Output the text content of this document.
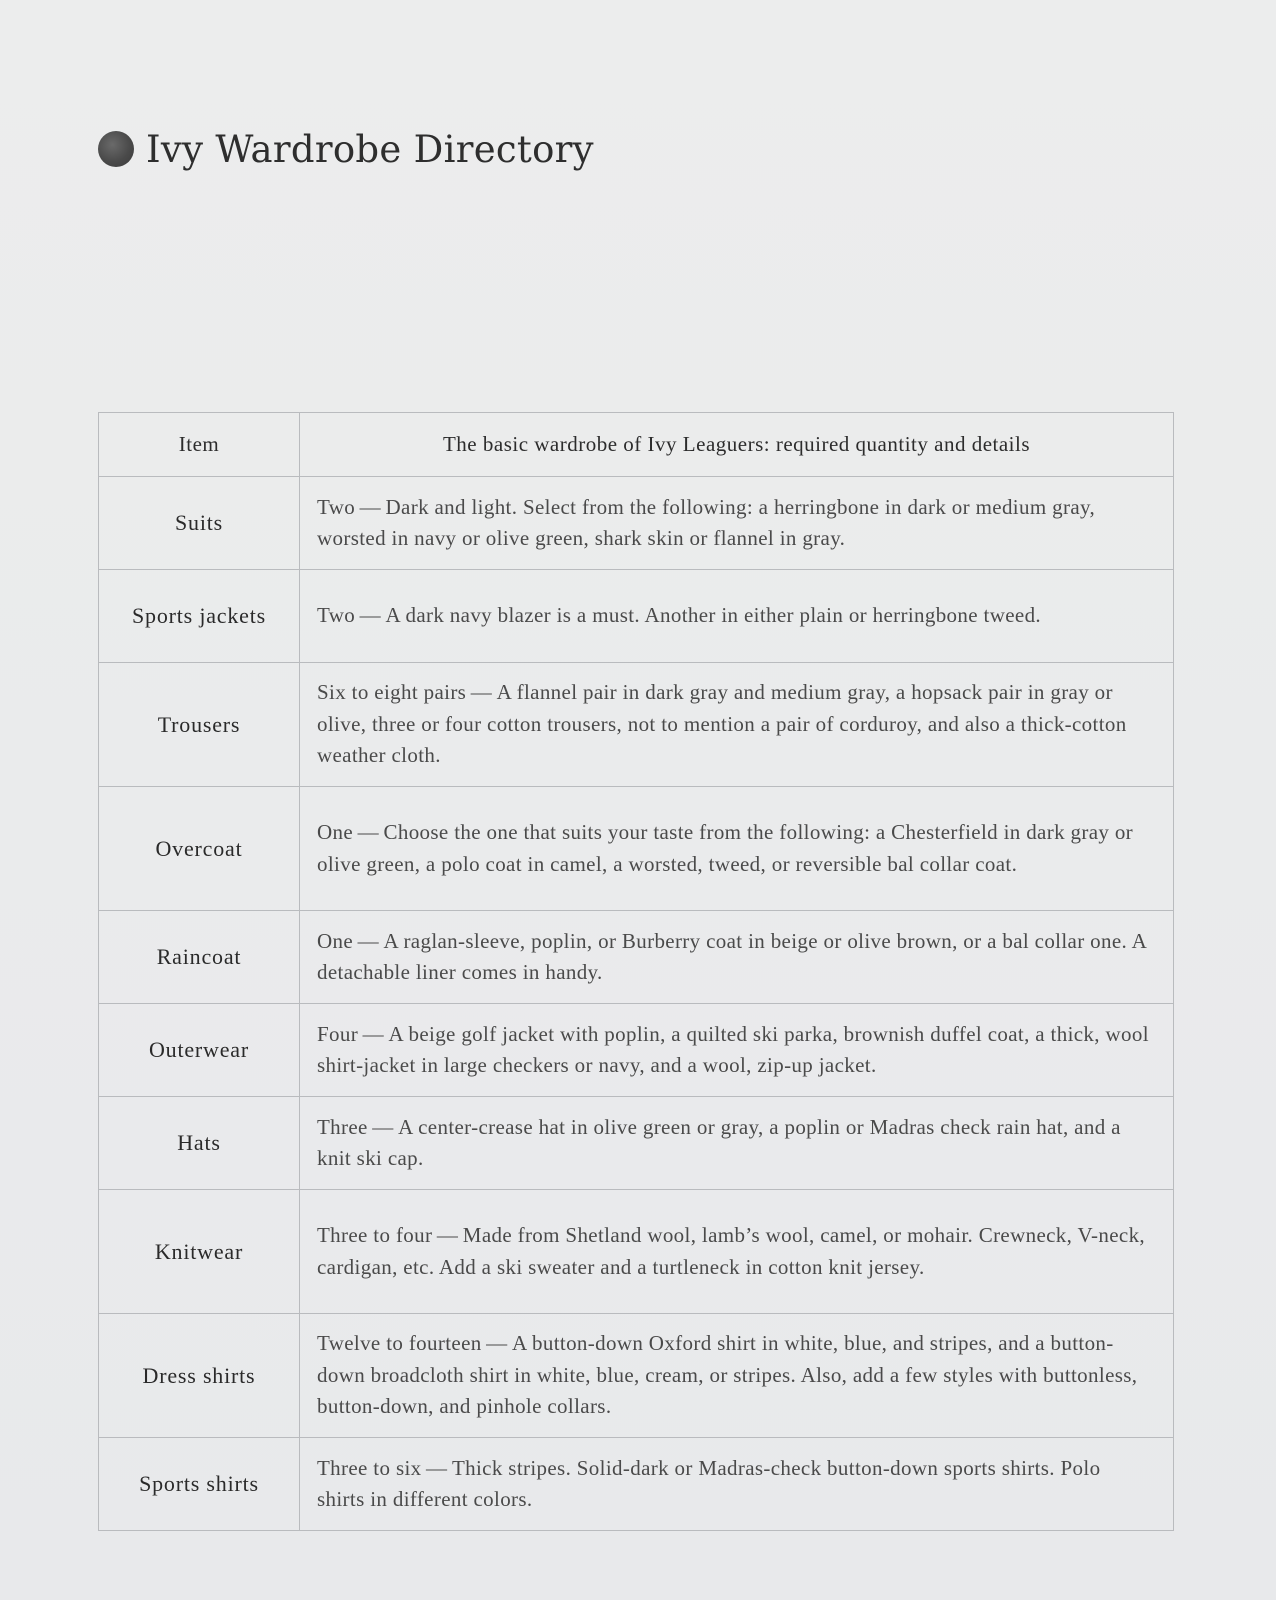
Ivy Wardrobe Directory
Item	The basic wardrobe of Ivy Leaguers: required quantity and details
Suits	Two — Dark and light. Select from the following: a herringbone in dark or medium gray, worsted in navy or olive green, shark skin or flannel in gray.
Sports jackets	Two — A dark navy blazer is a must. Another in either plain or herringbone tweed.
Trousers	Six to eight pairs — A flannel pair in dark gray and medium gray, a hopsack pair in gray or olive, three or four cotton trousers, not to mention a pair of corduroy, and also a thick-cotton weather cloth.
Overcoat	One — Choose the one that suits your taste from the following: a Chesterfield in dark gray or olive green, a polo coat in camel, a worsted, tweed, or reversible bal collar coat.
Raincoat	One — A raglan-sleeve, poplin, or Burberry coat in beige or olive brown, or a bal collar one. A detachable liner comes in handy.
Outerwear	Four — A beige golf jacket with poplin, a quilted ski parka, brownish duffel coat, a thick, wool shirt-jacket in large checkers or navy, and a wool, zip-up jacket.
Hats	Three — A center-crease hat in olive green or gray, a poplin or Madras check rain hat, and a knit ski cap.
Knitwear	Three to four — Made from Shetland wool, lamb’s wool, camel, or mohair. Crewneck, V-neck, cardigan, etc. Add a ski sweater and a turtleneck in cotton knit jersey.
Dress shirts	Twelve to fourteen — A button-down Oxford shirt in white, blue, and stripes, and a button-down broadcloth shirt in white, blue, cream, or stripes. Also, add a few styles with buttonless, button-down, and pinhole collars.
Sports shirts	Three to six — Thick stripes. Solid-dark or Madras-check button-down sports shirts. Polo shirts in different colors.
